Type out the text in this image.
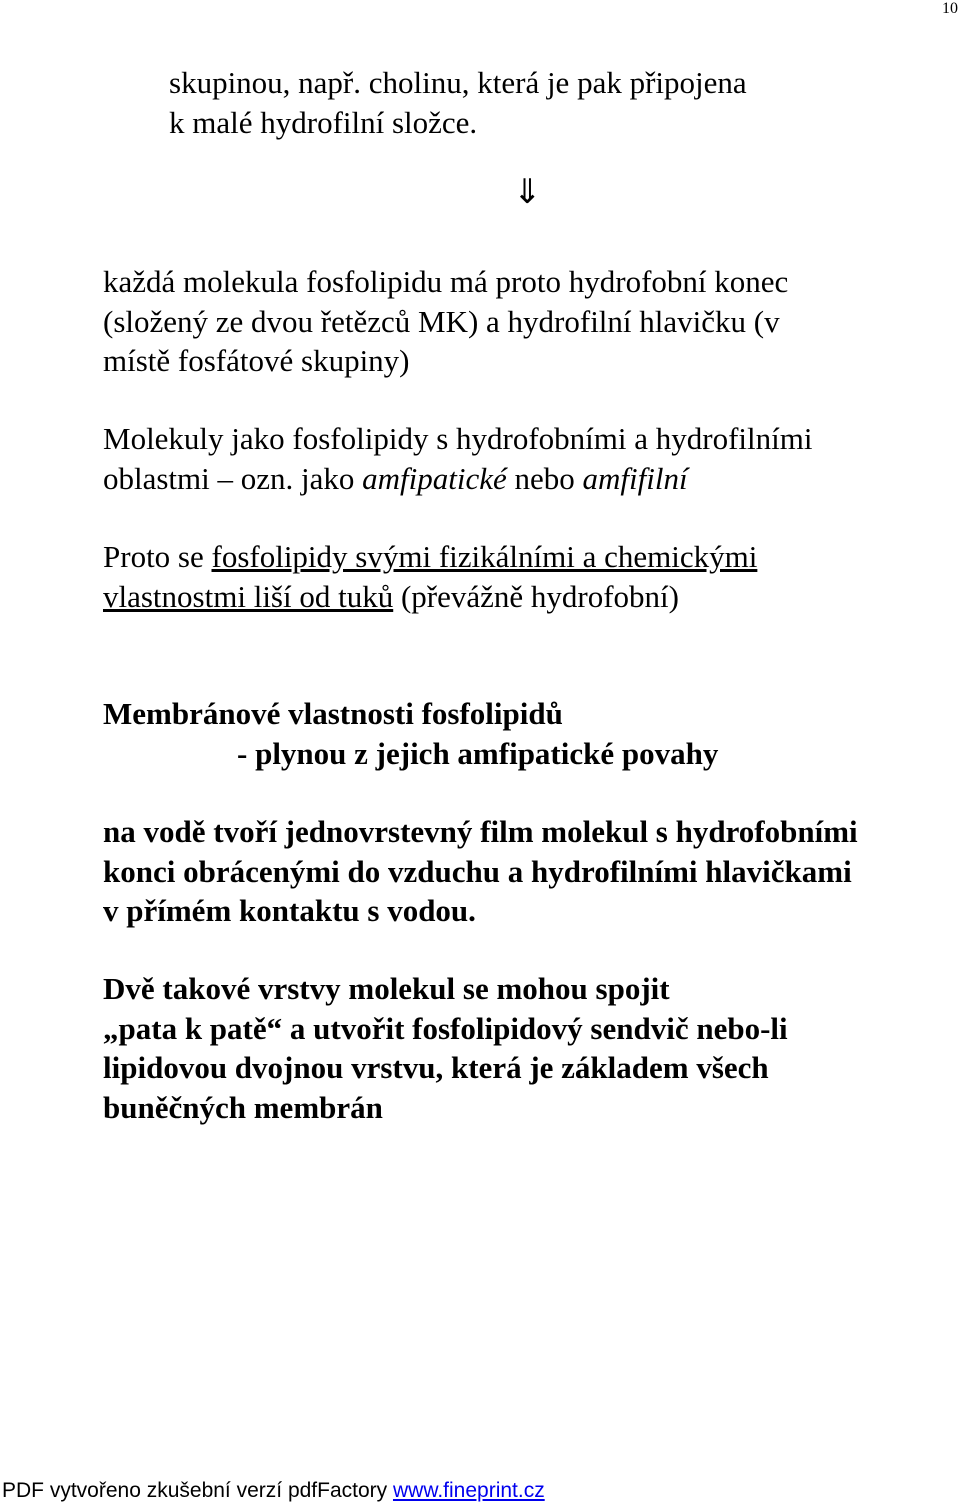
10
skupinou, např. cholinu, která je pak připojena
k malé hydrofilní složce.
⇓
každá molekula fosfolipidu má proto hydrofobní konec
(složený ze dvou řetězců MK) a hydrofilní hlavičku (v
místě fosfátové skupiny)
Molekuly jako fosfolipidy s hydrofobními a hydrofilními
oblastmi – ozn. jako amfipatické nebo amfifilní
Proto se fosfolipidy svými fizikálními a chemickými
vlastnostmi liší od tuků (převážně hydrofobní)
Membránové vlastnosti fosfolipidů
- plynou z jejich amfipatické povahy
na vodě tvoří jednovrstevný film molekul s hydrofobními
konci obrácenými do vzduchu a hydrofilními hlavičkami
v přímém kontaktu s vodou.
Dvě takové vrstvy molekul se mohou spojit
„pata k patě“ a utvořit fosfolipidový sendvič nebo-li
lipidovou dvojnou vrstvu, která je základem všech
buněčných membrán
PDF vytvořeno zkušební verzí pdfFactory www.fineprint.cz
